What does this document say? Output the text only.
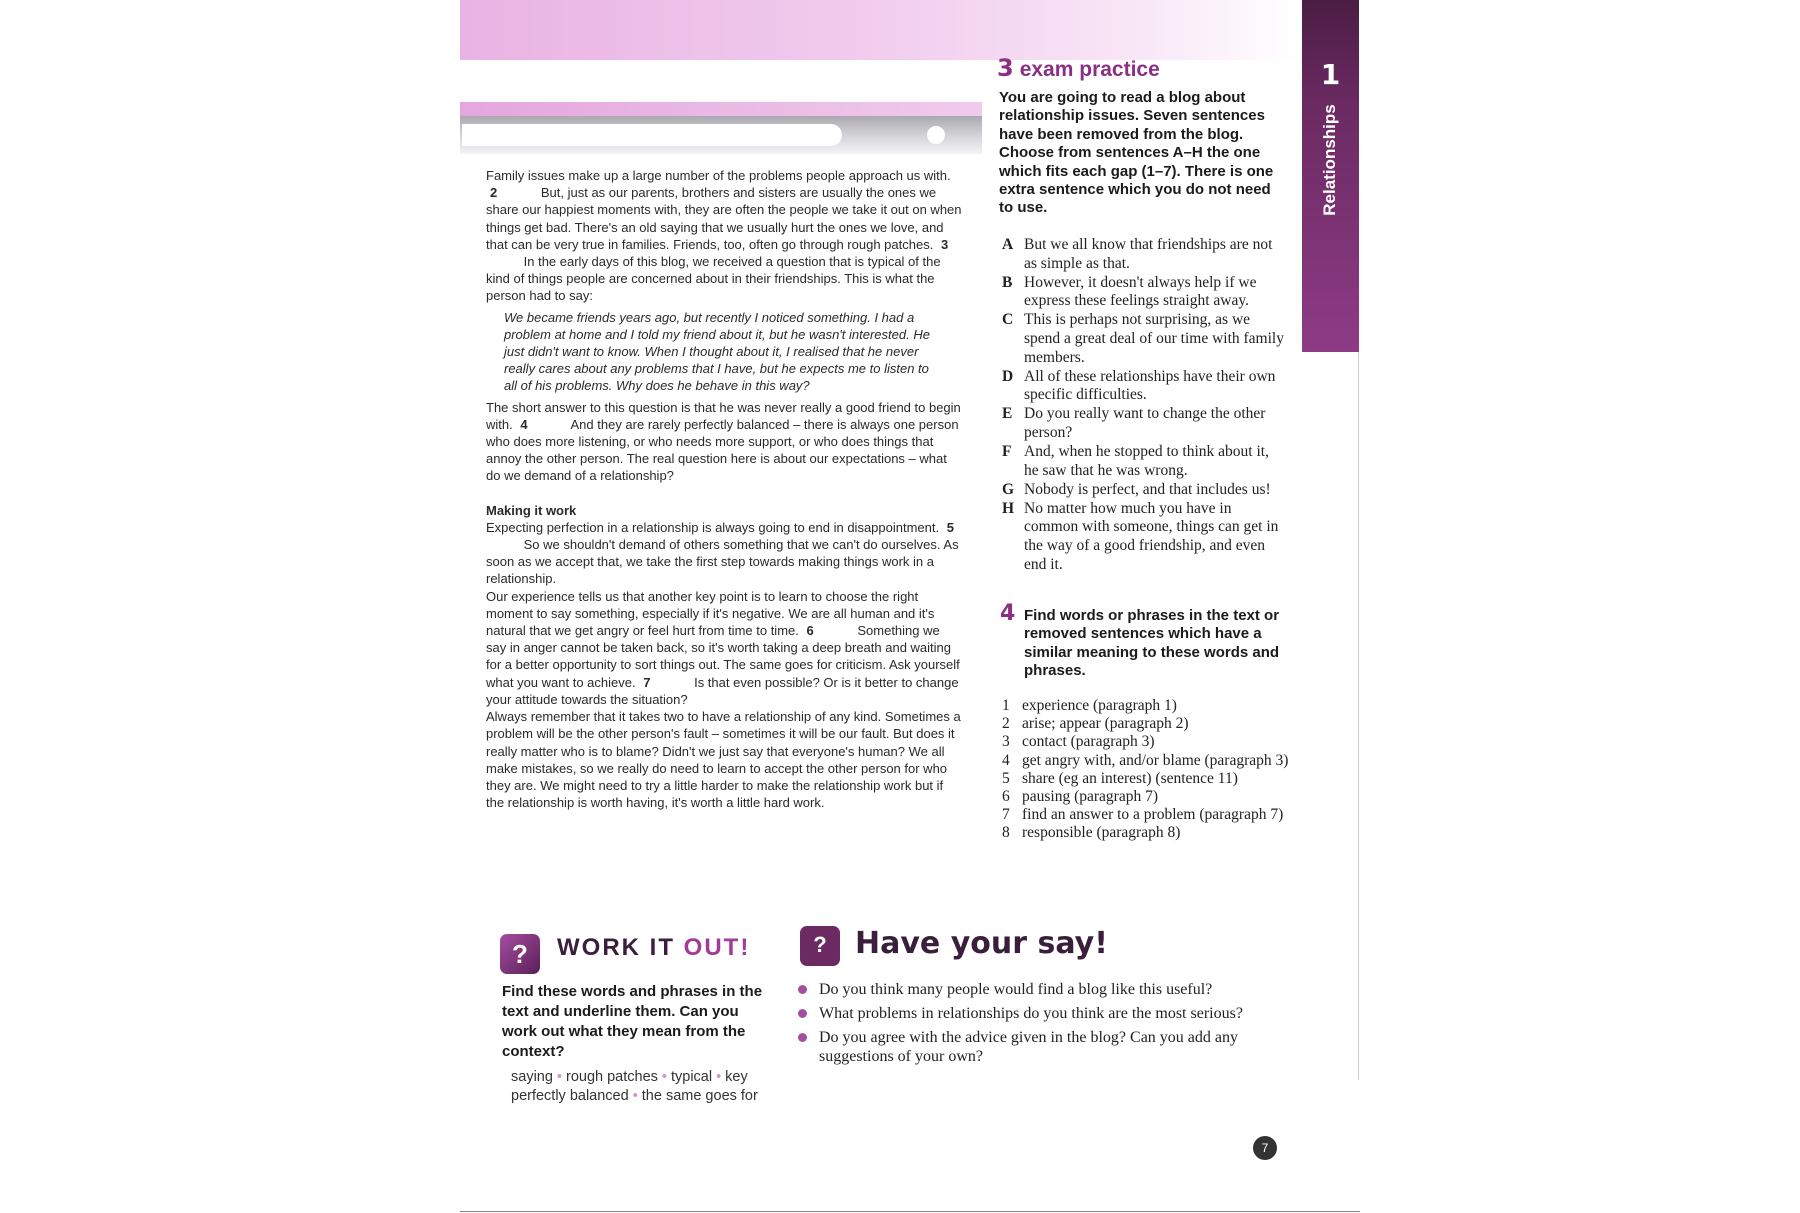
1
Relationships

Family issues make up a large number of the problems people approach us with. 2	But, just as our parents, brothers and sisters are usually the ones we share our happiest moments with, they are often the people we take it out on when things get bad. There's an old saying that we usually hurt the ones we love, and that can be very true in families. Friends, too, often go through rough patches. 3 In the early days of this blog, we received a question that is typical of the kind of things people are concerned about in their friendships. This is what the person had to say:

We became friends years ago, but recently I noticed something. I had a problem at home and I told my friend about it, but he wasn't interested. He just didn't want to know. When I thought about it, I realised that he never really cares about any problems that I have, but he expects me to listen to all of his problems. Why does he behave in this way?

The short answer to this question is that he was never really a good friend to begin with. 4	And they are rarely perfectly balanced – there is always one person who does more listening, or who needs more support, or who does things that annoy the other person. The real question here is about our expectations – what do we demand of a relationship?

Making it work

Expecting perfection in a relationship is always going to end in disappointment. 5 So we shouldn't demand of others something that we can't do ourselves. As soon as we accept that, we take the first step towards making things work in a relationship.

Our experience tells us that another key point is to learn to choose the right moment to say something, especially if it's negative. We are all human and it's natural that we get angry or feel hurt from time to time. 6	Something we say in anger cannot be taken back, so it's worth taking a deep breath and waiting for a better opportunity to sort things out. The same goes for criticism. Ask yourself what you want to achieve. 7	Is that even possible? Or is it better to change your attitude towards the situation?

Always remember that it takes two to have a relationship of any kind. Sometimes a problem will be the other person's fault – sometimes it will be our fault. But does it really matter who is to blame? Didn't we just say that everyone's human? We all make mistakes, so we really do need to learn to accept the other person for who they are. We might need to try a little harder to make the relationship work but if the relationship is worth having, it's worth a little hard work.

3 exam practice
You are going to read a blog about relationship issues. Seven sentences have been removed from the blog. Choose from sentences A–H the one which fits each gap (1–7). There is one extra sentence which you do not need to use.
A But we all know that friendships are not as simple as that.
B However, it doesn't always help if we express these feelings straight away.
C This is perhaps not surprising, as we spend a great deal of our time with family members.
D All of these relationships have their own specific difficulties.
E Do you really want to change the other person?
F And, when he stopped to think about it, he saw that he was wrong.
G Nobody is perfect, and that includes us!
H No matter how much you have in common with someone, things can get in the way of a good friendship, and even end it.
4 Find words or phrases in the text or removed sentences which have a similar meaning to these words and phrases.
1 experience (paragraph 1)
2 arise; appear (paragraph 2)
3 contact (paragraph 3)
4 get angry with, and/or blame (paragraph 3)
5 share (eg an interest) (sentence 11)
6 pausing (paragraph 7)
7 find an answer to a problem (paragraph 7)
8 responsible (paragraph 8)
?	WORK IT OUT!
Find these words and phrases in the text and underline them. Can you work out what they mean from the context?
saying • rough patches • typical • key
perfectly balanced • the same goes for
? Have your say!
Do you think many people would find a blog like this useful?
What problems in relationships do you think are the most serious?
Do you agree with the advice given in the blog? Can you add any suggestions of your own?
7
